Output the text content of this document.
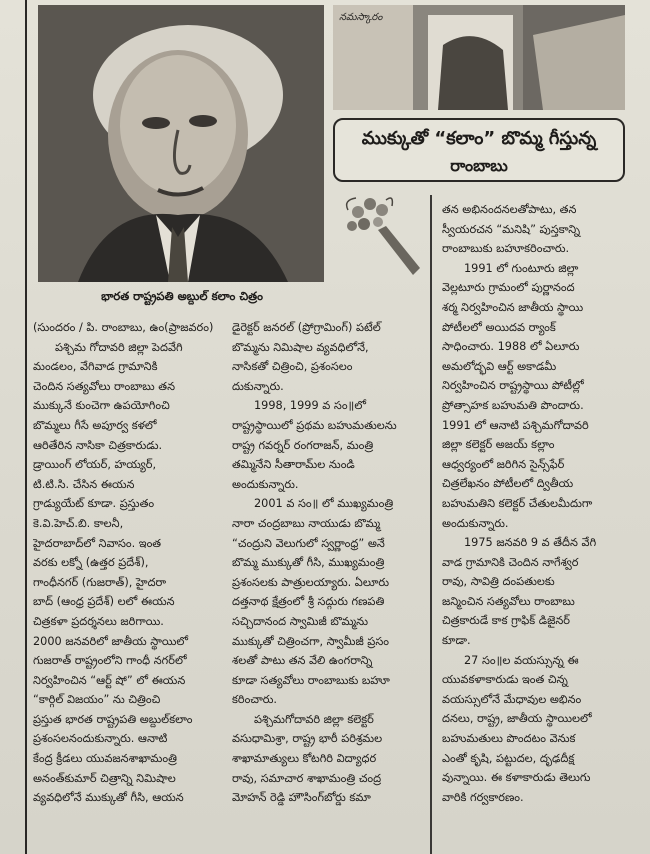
నమస్కారం
భారత రాష్ట్రపతి అబ్దుల్ కలాం చిత్రం
ముక్కుతో “కలాం” బొమ్మ గీస్తున్న
రాంబాబు
(సుందరం / పి. రాంబాబు, ఉం(ప్రాజవరం)
పశ్చిమ గోదావరి జిల్లా పెదవేగి
మండలం, వేగివాడ గ్రామానికి
చెందిన సత్యవోలు రాంబాబు తన
ముక్కునే కుంచెగా ఉపయోగించి
బొమ్మలు గీసే అపూర్వ కళలో
ఆరితేరిన నాసికా చిత్రకారుడు.
డ్రాయింగ్ లోయర్, హయ్యర్,
టి.టి.సి. చేసిన ఈయన
గ్రాడ్యుయేట్ కూడా. ప్రస్తుతం
కె.వి.హెచ్.బి. కాలనీ,
హైదరాబాద్‌లో నివాసం. ఇంత
వరకు లక్నో (ఉత్తర ప్రదేశ్),
గాంధీనగర్ (గుజరాత్), హైదరా
బాద్ (ఆంధ్ర ప్రదేశ్) లలో ఈయన
చిత్రకళా ప్రదర్శనలు జరిగాయి.
2000 జనవరిలో జాతీయ స్థాయిలో
గుజరాత్ రాష్ట్రంలోని గాంధీ నగర్‌లో
నిర్వహించిన “ఆర్ట్ షో” లో ఈయన
“కార్గిల్ విజయం” ను చిత్రించి
ప్రస్తుత భారత రాష్ట్రపతి అబ్దుల్‌కలాం
ప్రశంసలనందుకున్నారు. ఆనాటి
కేంద్ర క్రీడలు యువజనశాఖామంత్రి
అనంత్‌కుమార్ చిత్రాన్ని నిమిషాల
వ్యవధిలోనే ముక్కుతో గీసి, ఆయన
డైరెక్టర్ జనరల్ (ప్రోగ్రామింగ్) పటేల్
బొమ్మను నిమిషాల వ్యవధిలోనే,
నాసికతో చిత్రించి, ప్రశంసలం
దుకున్నారు.
1998, 1999 వ సం॥లో
రాష్ట్రస్థాయిలో ప్రథమ బహుమతులను
రాష్ట్ర గవర్నర్ రంగరాజన్, మంత్రి
తమ్మినేని సీతారామ్‌ల నుండి
అందుకున్నారు.
2001 వ సం॥ లో ముఖ్యమంత్రి
నారా చంద్రబాబు నాయుడు బొమ్మ
“చంద్రుని వెలుగులో స్వర్ణాంధ్ర” అనే
బొమ్మ ముక్కుతో గీసి, ముఖ్యమంత్రి
ప్రశంసలకు పాత్రులయ్యారు. ఏలూరు
దత్తనాథ క్షేత్రంలో శ్రీ సద్గురు గణపతి
సచ్చిదానంద స్వామిజీ బొమ్మను
ముక్కుతో చిత్రించగా, స్వామీజీ ప్రసం
శలతో పాటు తన వేలి ఉంగరాన్ని
కూడా సత్యవోలు రాంబాబుకు బహూ
కరించారు.
పశ్చిమగోదావరి జిల్లా కలెక్టర్
వసుధామిశ్రా, రాష్ట్ర భారీ పరిశ్రమల
శాఖామాత్యులు కోటగిరి విద్యాధర
రావు, సమాచార శాఖామంత్రి చంద్ర
మోహన్ రెడ్డి హౌసింగ్‌బోర్డు కమా
తన అభినందనలతోపాటు, తన
స్వీయరచన “మనిషి” పుస్తకాన్ని
రాంబాబుకు బహూకరించారు.
1991 లో గుంటూరు జిల్లా
వెల్లటూరు గ్రామంలో పుర్ణానంద
శర్మ నిర్వహించిన జాతీయ స్థాయి
పోటీలలో అయిదవ ర్యాంక్
సాధించారు. 1988 లో ఏలూరు
అమలోద్భవి ఆర్ట్ అకాడమీ
నిర్వహించిన రాష్ట్రస్థాయి పోటీల్లో
ప్రోత్సాహక బహుమతి పొందారు.
1991 లో ఆనాటి పశ్చిమగోదావరి
జిల్లా కలెక్టర్ అజయ్ కల్లాం
ఆధ్వర్యంలో జరిగిన సైన్స్‌ఫేర్
చిత్రలేఖనం పోటీలలో ద్వితీయ
బహుమతిని కలెక్టర్ చేతులమీదుగా
అందుకున్నారు.
1975 జనవరి 9 వ తేదీన వేగి
వాడ గ్రామానికి చెందిన నాగేశ్వర
రావు, సావిత్రి దంపతులకు
జన్మించిన సత్యవోలు రాంబాబు
చిత్రకారుడే కాక గ్రాఫిక్ డిజైనర్
కూడా.
27 సం॥ల వయస్సున్న ఈ
యువకళాకారుడు ఇంత చిన్న
వయస్సులోనే మేధావుల అభినం
దనలు, రాష్ట్ర, జాతీయ స్థాయిలలో
బహుమతులు పొందటం వెనుక
ఎంతో కృషి, పట్టుదల, దృఢదీక్ష
వున్నాయి. ఈ కళాకారుడు తెలుగు
వారికి గర్వకారణం.
